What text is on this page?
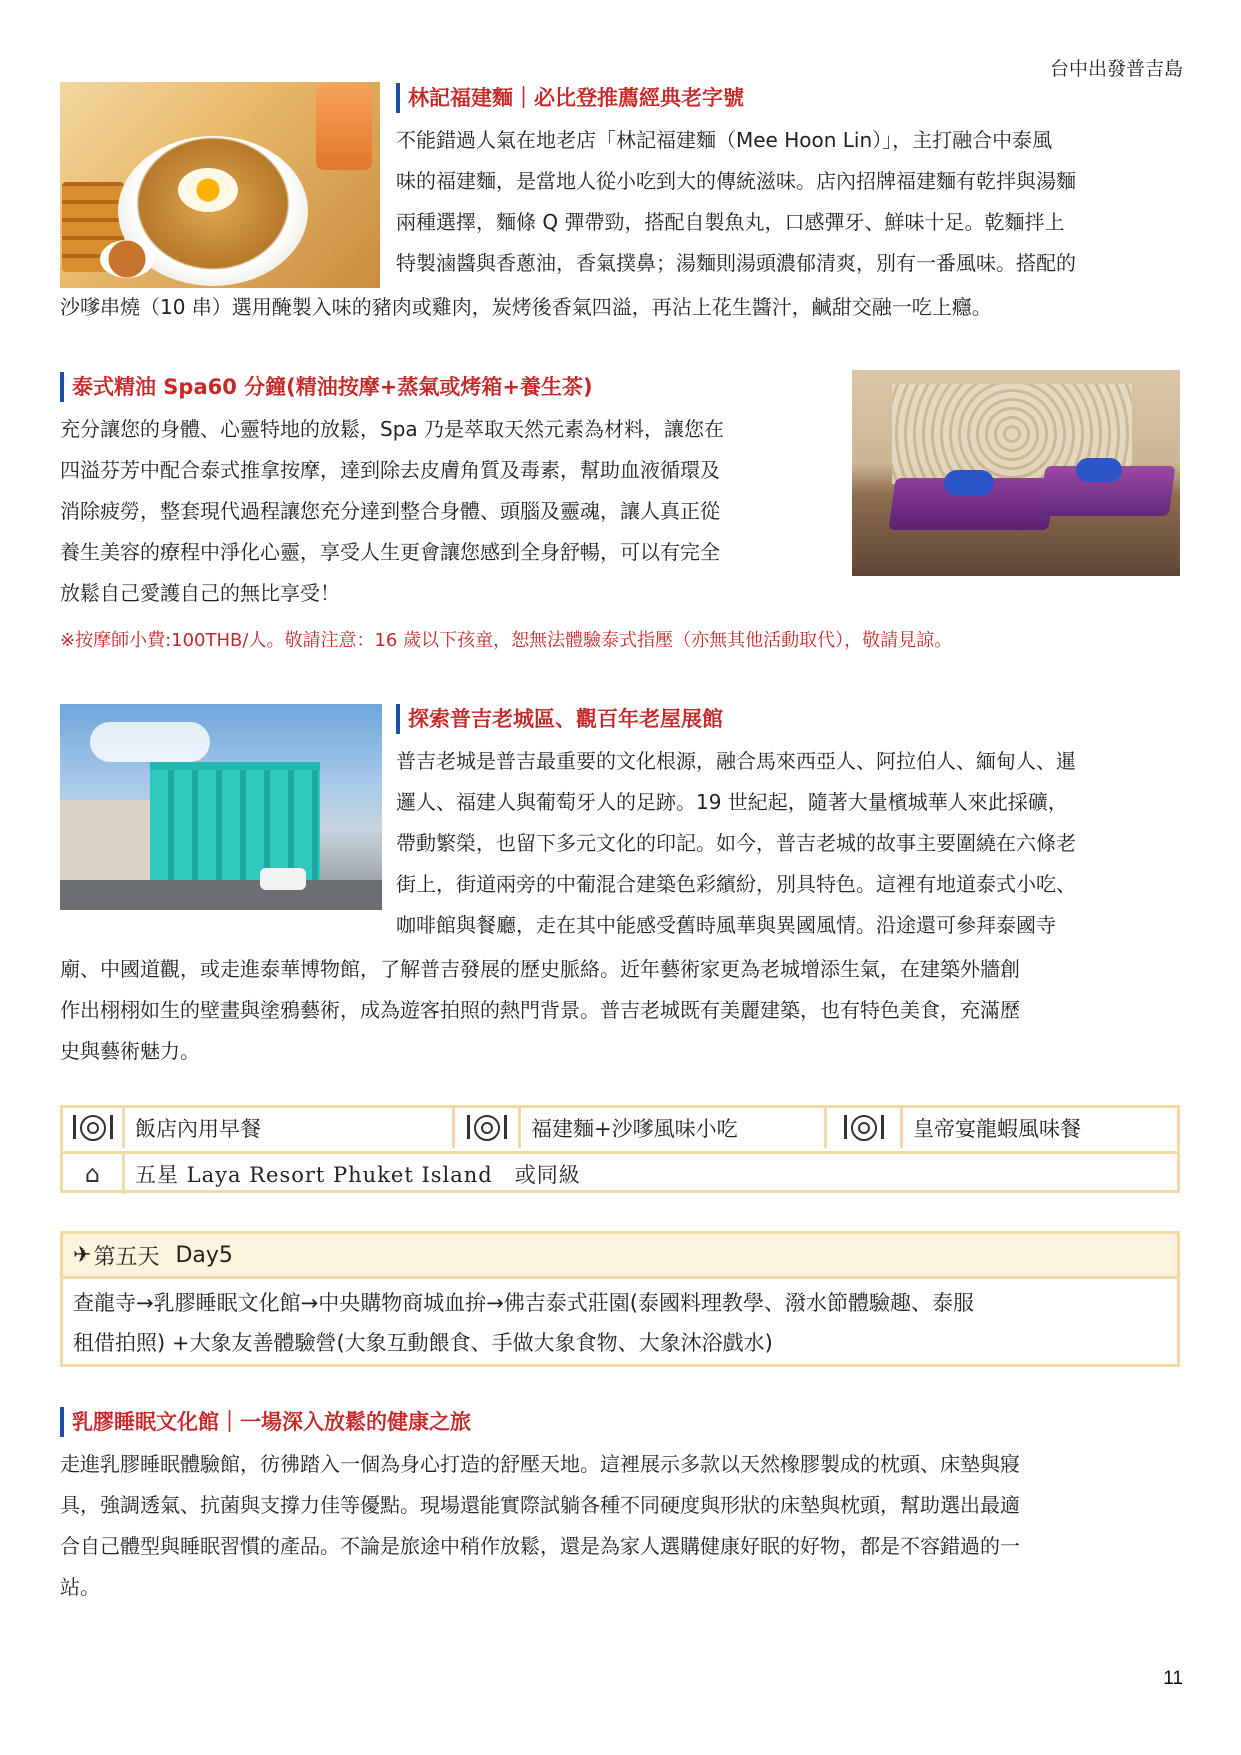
台中出發普吉島
林記福建麵｜必比登推薦經典老字號

不能錯過人氣在地老店「林記福建麵（Mee Hoon Lin）」，主打融合中泰風

味的福建麵，是當地人從小吃到大的傳統滋味。店內招牌福建麵有乾拌與湯麵

兩種選擇，麵條 Q 彈帶勁，搭配自製魚丸，口感彈牙、鮮味十足。乾麵拌上

特製滷醬與香蔥油，香氣撲鼻；湯麵則湯頭濃郁清爽，別有一番風味。搭配的

沙嗲串燒（10 串）選用醃製入味的豬肉或雞肉，炭烤後香氣四溢，再沾上花生醬汁，鹹甜交融一吃上癮。

泰式精油 Spa60 分鐘(精油按摩+蒸氣或烤箱+養生茶)

充分讓您的身體、心靈特地的放鬆，Spa 乃是萃取天然元素為材料，讓您在

四溢芬芳中配合泰式推拿按摩，達到除去皮膚角質及毒素，幫助血液循環及

消除疲勞，整套現代過程讓您充分達到整合身體、頭腦及靈魂，讓人真正從

養生美容的療程中淨化心靈，享受人生更會讓您感到全身舒暢，可以有完全

放鬆自己愛護自己的無比享受！

※按摩師小費:100THB/人。敬請注意：16 歲以下孩童，恕無法體驗泰式指壓（亦無其他活動取代），敬請見諒。

探索普吉老城區、觀百年老屋展館

普吉老城是普吉最重要的文化根源，融合馬來西亞人、阿拉伯人、緬甸人、暹

邏人、福建人與葡萄牙人的足跡。19 世紀起，隨著大量檳城華人來此採礦，

帶動繁榮，也留下多元文化的印記。如今，普吉老城的故事主要圍繞在六條老

街上，街道兩旁的中葡混合建築色彩繽紛，別具特色。這裡有地道泰式小吃、

咖啡館與餐廳，走在其中能感受舊時風華與異國風情。沿途還可參拜泰國寺

廟、中國道觀，或走進泰華博物館，了解普吉發展的歷史脈絡。近年藝術家更為老城增添生氣，在建築外牆創

作出栩栩如生的壁畫與塗鴉藝術，成為遊客拍照的熱門背景。普吉老城既有美麗建築，也有特色美食，充滿歷

史與藝術魅力。

飯店內用早餐	福建麵+沙嗲風味小吃	皇帝宴龍蝦風味餐
⌂	五星 Laya Resort Phuket Island　或同級
✈ 第五天 Day5
查龍寺→乳膠睡眠文化館→中央購物商城血拚→佛吉泰式莊園(泰國料理教學、潑水節體驗趣、泰服
租借拍照) +大象友善體驗營(大象互動餵食、手做大象食物、大象沐浴戲水)
乳膠睡眠文化館｜一場深入放鬆的健康之旅

走進乳膠睡眠體驗館，彷彿踏入一個為身心打造的舒壓天地。這裡展示多款以天然橡膠製成的枕頭、床墊與寢

具，強調透氣、抗菌與支撐力佳等優點。現場還能實際試躺各種不同硬度與形狀的床墊與枕頭，幫助選出最適

合自己體型與睡眠習慣的產品。不論是旅途中稍作放鬆，還是為家人選購健康好眠的好物，都是不容錯過的一

站。

11
